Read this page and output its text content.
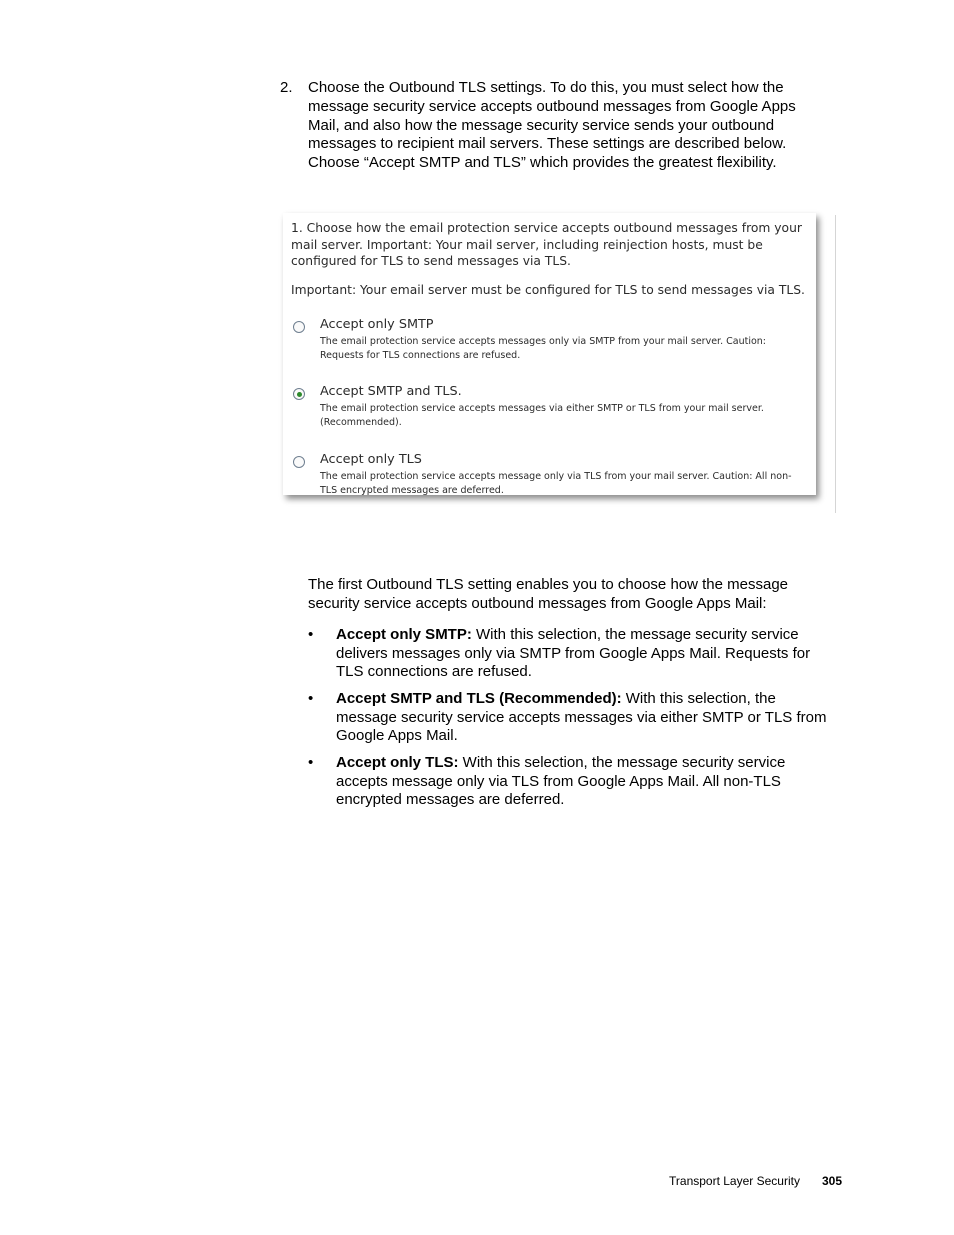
2. Choose the Outbound TLS settings. To do this, you must select how the message security service accepts outbound messages from Google Apps Mail, and also how the message security service sends your outbound messages to recipient mail servers. These settings are described below. Choose “Accept SMTP and TLS” which provides the greatest flexibility.
1. Choose how the email protection service accepts outbound messages from your mail server. Important: Your mail server, including reinjection hosts, must be configured for TLS to send messages via TLS.
Important: Your email server must be configured for TLS to send messages via TLS.
Accept only SMTP
The email protection service accepts messages only via SMTP from your mail server. Caution: Requests for TLS connections are refused.
Accept SMTP and TLS.
The email protection service accepts messages via either SMTP or TLS from your mail server. (Recommended).
Accept only TLS
The email protection service accepts message only via TLS from your mail server. Caution: All non-TLS encrypted messages are deferred.
The first Outbound TLS setting enables you to choose how the message security service accepts outbound messages from Google Apps Mail:
• Accept only SMTP: With this selection, the message security service delivers messages only via SMTP from Google Apps Mail. Requests for TLS connections are refused.
• Accept SMTP and TLS (Recommended): With this selection, the message security service accepts messages via either SMTP or TLS from Google Apps Mail.
• Accept only TLS: With this selection, the message security service accepts message only via TLS from Google Apps Mail. All non-TLS encrypted messages are deferred.
Transport Layer Security 305
